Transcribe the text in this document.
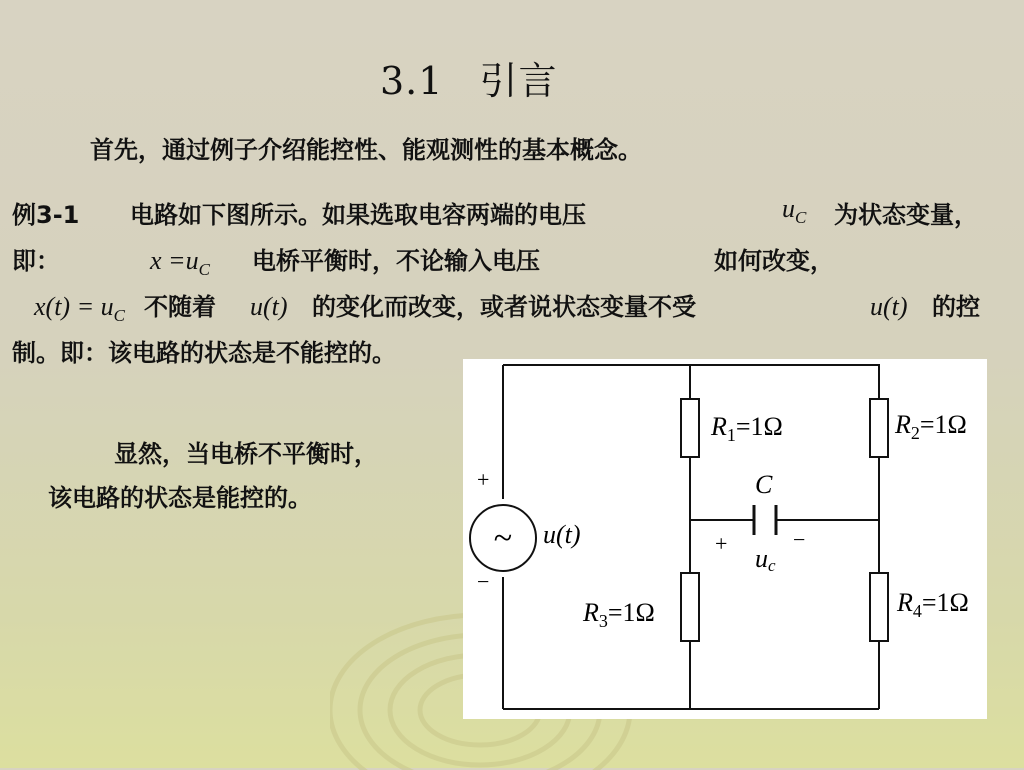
3.1 引言
首先，通过例子介绍能控性、能观测性的基本概念。
例3-1 电路如下图所示。如果选取电容两端的电压	$u_C$ 为状态变量，
即：	$x =u_C$ 电桥平衡时，不论输入电压	如何改变，
$x(t) = u_C$ 不随着 u(t) 的变化而改变，或者说状态变量不受	u(t) 的控
制。即：该电路的状态是不能控的。
显然，当电桥不平衡时，
该电路的状态是能控的。
~
$R_1=1\Omega$	$R_2=1\Omega$
$R_3=1\Omega$	$R_4=1\Omega$
C
u(t)
+
−
+	−
uc
